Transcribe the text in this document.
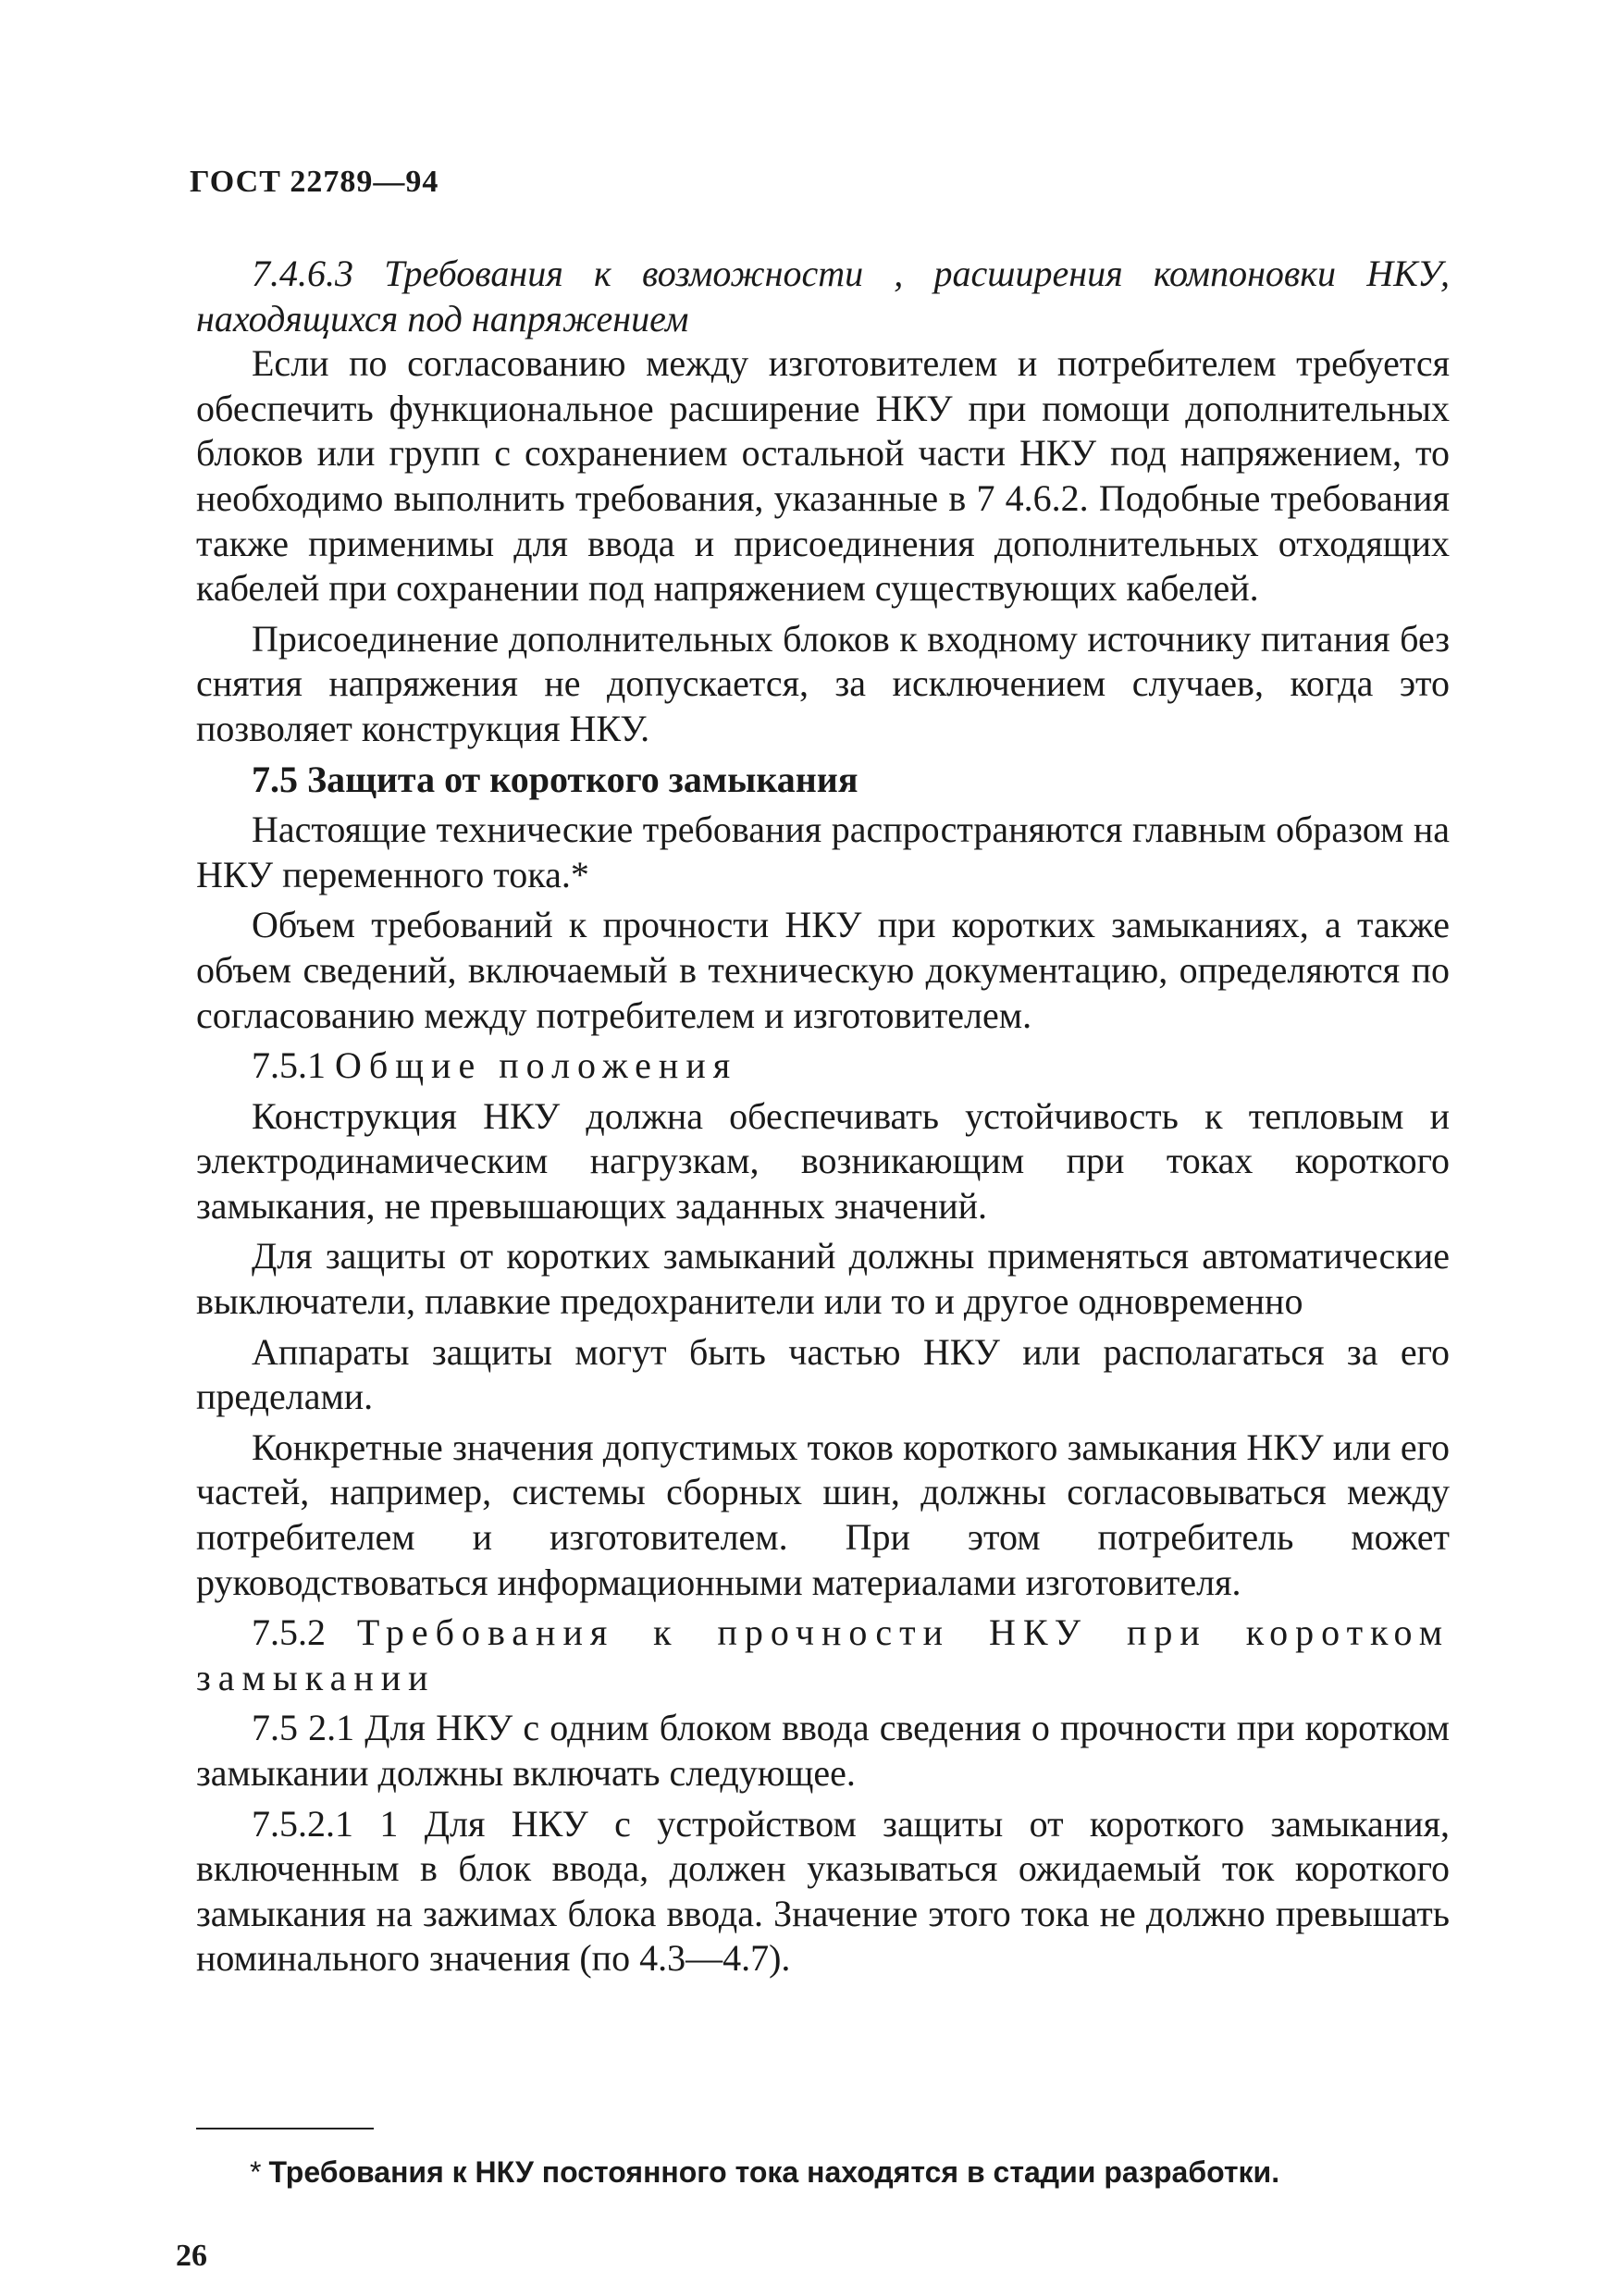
ГОСТ 22789—94

7.4.6.3 Требования к возможности , расширения компоновки НКУ, находящихся под напряжением

Если по согласованию между изготовителем и потребителем требуется обеспечить функциональное расширение НКУ при помощи дополнительных блоков или групп с сохранением остальной части НКУ под напряжением, то необходимо выполнить требования, указанные в 7 4.6.2. Подобные требования также применимы для ввода и присоединения дополнительных отходящих кабелей при сохранении под напряжением существующих кабелей.

Присоединение дополнительных блоков к входному источнику питания без снятия напряжения не допускается, за исключением случаев, когда это позволяет конструкция НКУ.

7.5 Защита от короткого замыкания

Настоящие технические требования распространяются главным образом на НКУ переменного тока.*

Объем требований к прочности НКУ при коротких замыканиях, а также объем сведений, включаемый в техническую документацию, определяются по согласованию между потребителем и изготовителем.

7.5.1 Общие положения

Конструкция НКУ должна обеспечивать устойчивость к тепловым и электродинамическим нагрузкам, возникающим при токах короткого замыкания, не превышающих заданных значений.

Для защиты от коротких замыканий должны применяться автоматические выключатели, плавкие предохранители или то и другое одновременно

Аппараты защиты могут быть частью НКУ или располагаться за его пределами.

Конкретные значения допустимых токов короткого замыкания НКУ или его частей, например, системы сборных шин, должны согласовываться между потребителем и изготовителем. При этом потребитель может руководствоваться информационными материалами изготовителя.

7.5.2 Требования к прочности НКУ при коротком замыкании

7.5 2.1 Для НКУ с одним блоком ввода сведения о прочности при коротком замыкании должны включать следующее.

7.5.2.1 1 Для НКУ с устройством защиты от короткого замыкания, включенным в блок ввода, должен указываться ожидаемый ток короткого замыкания на зажимах блока ввода. Значение этого тока не должно превышать номинального значения (по 4.3—4.7).

* Требования к НКУ постоянного тока находятся в стадии разработки.
26
